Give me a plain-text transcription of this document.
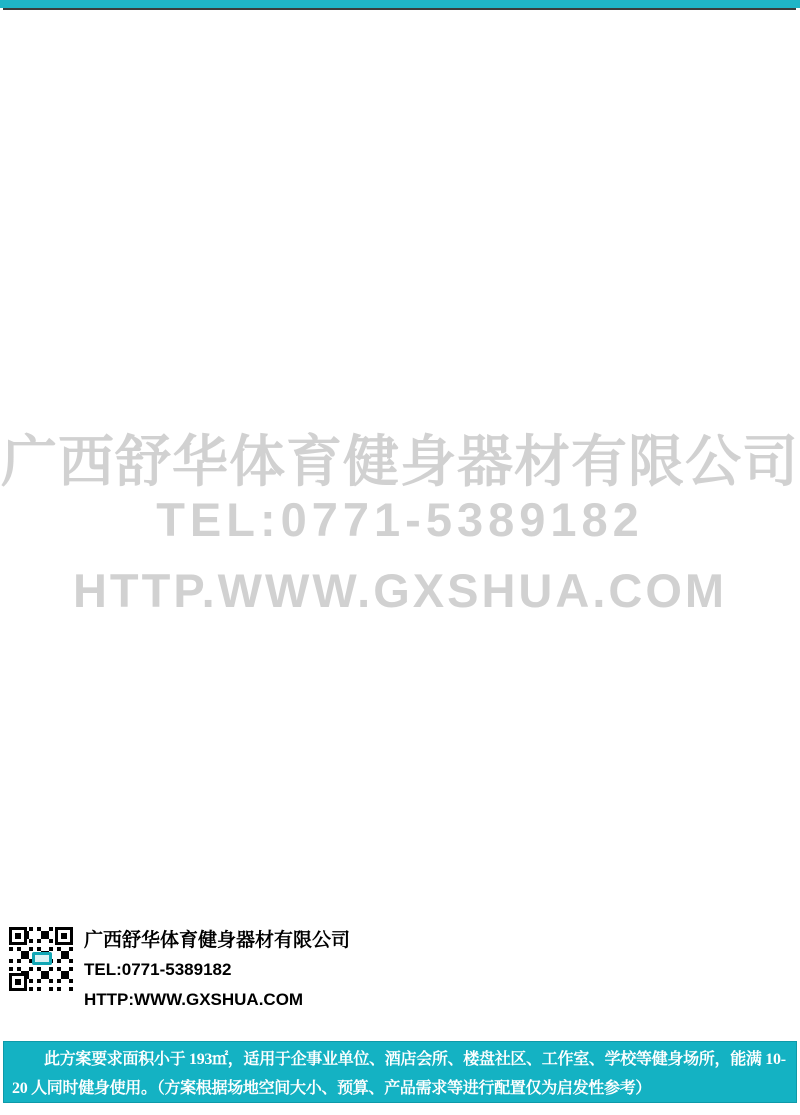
广西舒华体育健身器材有限公司
TEL:0771-5389182
HTTP.WWW.GXSHUA.COM
广西舒华体育健身器材有限公司
TEL:0771-5389182
HTTP:WWW.GXSHUA.COM

此方案要求面积小于 193㎡，适用于企事业单位、酒店会所、楼盘社区、工作室、学校等健身场所，能满 10-20 人同时健身使用。（方案根据场地空间大小、预算、产品需求等进行配置仅为启发性参考）
